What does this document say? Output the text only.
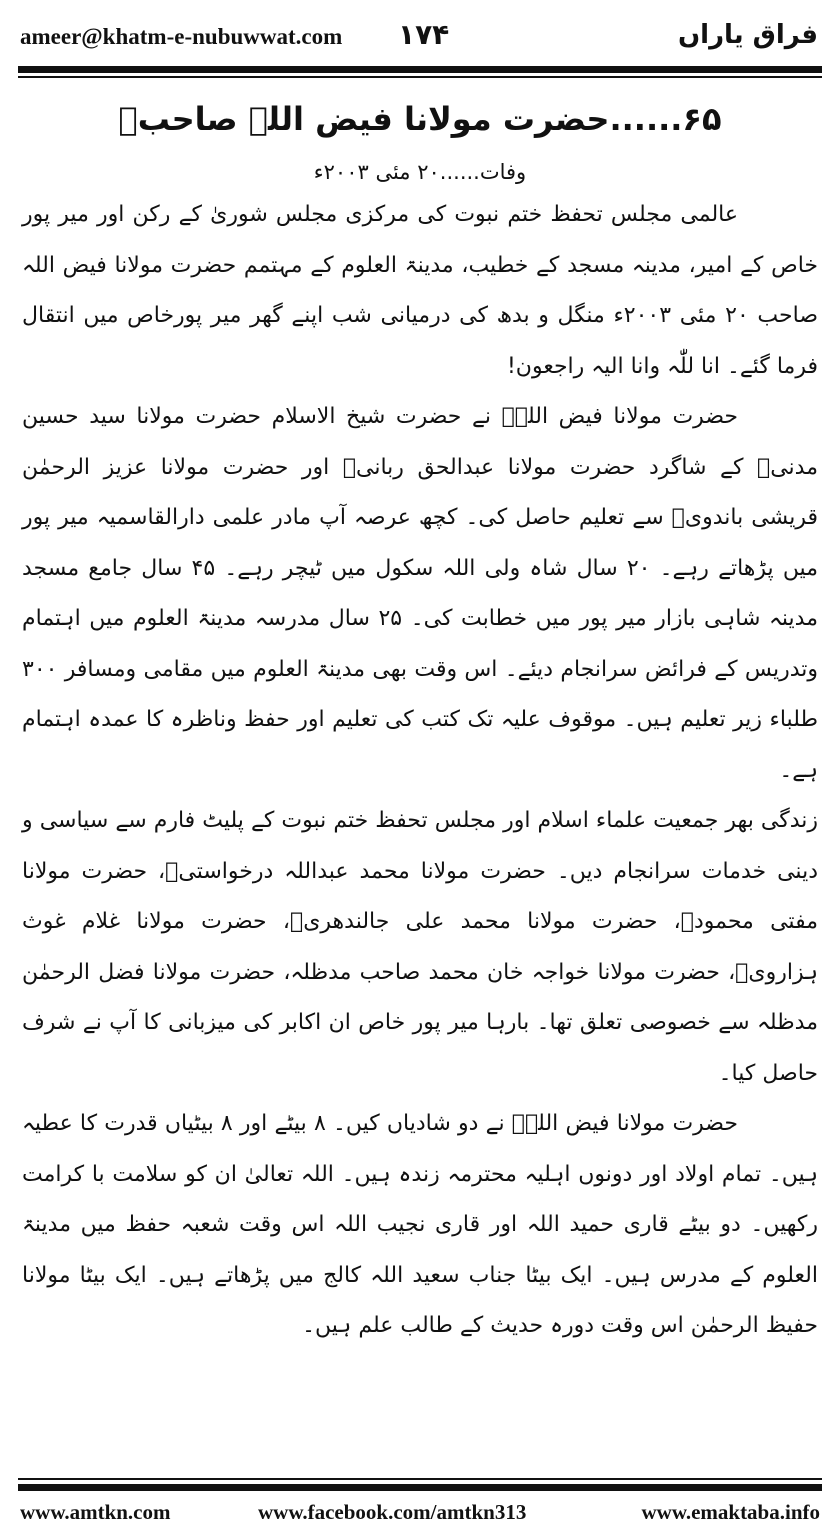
ameer@khatm-e-nubuwwat.com ۱۷۴	فراق یاراں
۶۵......حضرت مولانا فیض اللہ صاحبؒ
وفات......۲۰ مئی ۲۰۰۳ء

عالمی مجلس تحفظ ختم نبوت کی مرکزی مجلس شوریٰ کے رکن اور میر پور خاص کے امیر، مدینہ مسجد کے خطیب، مدینۃ العلوم کے مہتمم حضرت مولانا فیض اللہ صاحب ۲۰ مئی ۲۰۰۳ء منگل و بدھ کی درمیانی شب اپنے گھر میر پورخاص میں انتقال فرما گئے۔ انا للّٰہ وانا الیہ راجعون!

حضرت مولانا فیض اللہؒ نے حضرت شیخ الاسلام حضرت مولانا سید حسین مدنیؒ کے شاگرد حضرت مولانا عبدالحق ربانیؒ اور حضرت مولانا عزیز الرحمٰن قریشی باندویؒ سے تعلیم حاصل کی۔ کچھ عرصہ آپ مادر علمی دارالقاسمیہ میر پور میں پڑھاتے رہے۔ ۲۰ سال شاہ ولی اللہ سکول میں ٹیچر رہے۔ ۴۵ سال جامع مسجد مدینہ شاہی بازار میر پور میں خطابت کی۔ ۲۵ سال مدرسہ مدینۃ العلوم میں اہتمام وتدریس کے فرائض سرانجام دیئے۔ اس وقت بھی مدینۃ العلوم میں مقامی ومسافر ۳۰۰ طلباء زیر تعلیم ہیں۔ موقوف علیہ تک کتب کی تعلیم اور حفظ وناظرہ کا عمدہ اہتمام ہے۔

زندگی بھر جمعیت علماء اسلام اور مجلس تحفظ ختم نبوت کے پلیٹ فارم سے سیاسی و دینی خدمات سرانجام دیں۔ حضرت مولانا محمد عبداللہ درخواستیؒ، حضرت مولانا مفتی محمودؒ، حضرت مولانا محمد علی جالندھریؒ، حضرت مولانا غلام غوث ہزارویؒ، حضرت مولانا خواجہ خان محمد صاحب مدظلہ، حضرت مولانا فضل الرحمٰن مدظلہ سے خصوصی تعلق تھا۔ بارہا میر پور خاص ان اکابر کی میزبانی کا آپ نے شرف حاصل کیا۔

حضرت مولانا فیض اللہؒ نے دو شادیاں کیں۔ ۸ بیٹے اور ۸ بیٹیاں قدرت کا عطیہ ہیں۔ تمام اولاد اور دونوں اہلیہ محترمہ زندہ ہیں۔ اللہ تعالیٰ ان کو سلامت با کرامت رکھیں۔ دو بیٹے قاری حمید اللہ اور قاری نجیب اللہ اس وقت شعبہ حفظ میں مدینۃ العلوم کے مدرس ہیں۔ ایک بیٹا جناب سعید اللہ کالج میں پڑھاتے ہیں۔ ایک بیٹا مولانا حفیظ الرحمٰن اس وقت دورہ حدیث کے طالب علم ہیں۔

www.amtkn.com	www.facebook.com/amtkn313	www.emaktaba.info
